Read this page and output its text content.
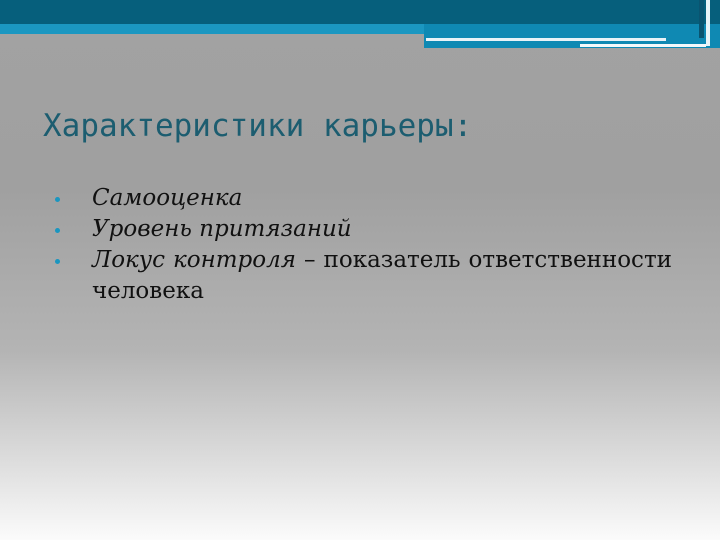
Характеристики карьеры:
Самооценка
Уровень притязаний
Локус контроля – показатель ответственности человека
